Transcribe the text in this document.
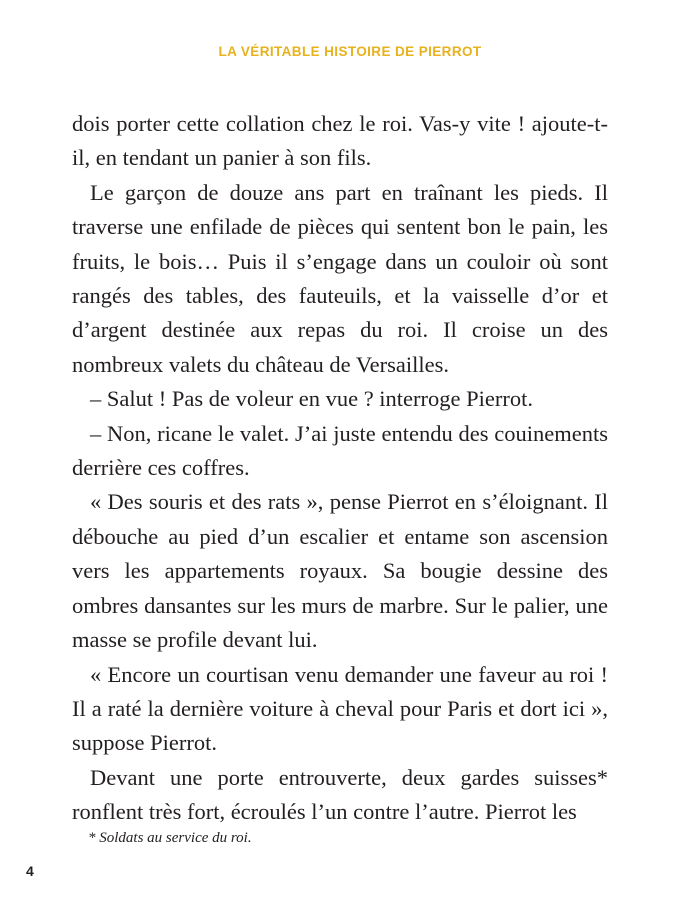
LA VÉRITABLE HISTOIRE DE PIERROT

dois porter cette collation chez le roi. Vas-y vite ! ajoute-t-il, en tendant un panier à son fils.

Le garçon de douze ans part en traînant les pieds. Il traverse une enfilade de pièces qui sentent bon le pain, les fruits, le bois… Puis il s’engage dans un couloir où sont rangés des tables, des fauteuils, et la vaisselle d’or et d’argent destinée aux repas du roi. Il croise un des nombreux valets du château de Versailles.

– Salut ! Pas de voleur en vue ? interroge Pierrot.

– Non, ricane le valet. J’ai juste entendu des couinements derrière ces coffres.

« Des souris et des rats », pense Pierrot en s’éloignant. Il débouche au pied d’un escalier et entame son ascension vers les appartements royaux. Sa bougie dessine des ombres dansantes sur les murs de marbre. Sur le palier, une masse se profile devant lui.

« Encore un courtisan venu demander une faveur au roi ! Il a raté la dernière voiture à cheval pour Paris et dort ici », suppose Pierrot.

Devant une porte entrouverte, deux gardes suisses* ronflent très fort, écroulés l’un contre l’autre. Pierrot les

* Soldats au service du roi.
4
